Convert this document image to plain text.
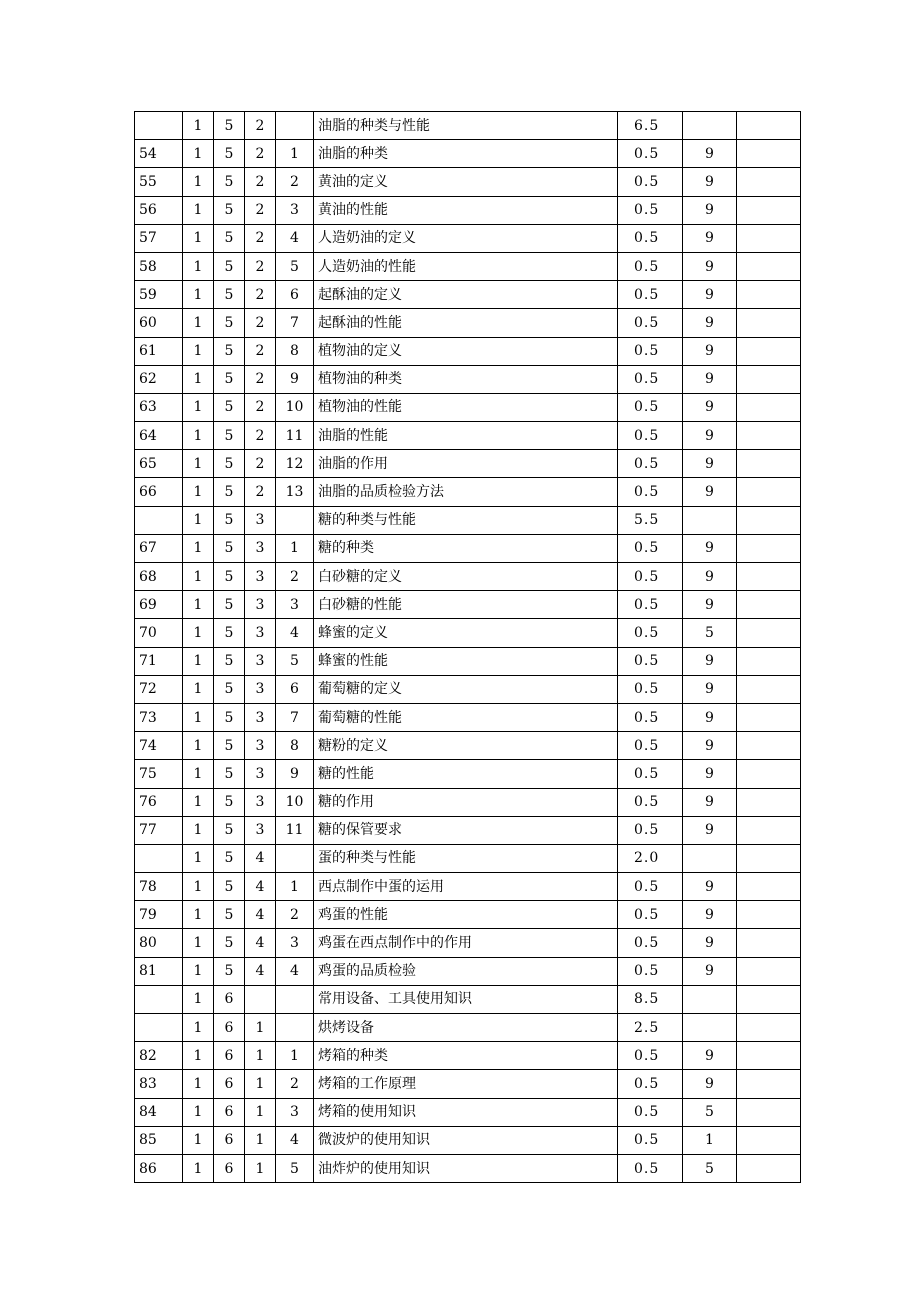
	1	5	2		油脂的种类与性能	6.5		
54	1	5	2	1	油脂的种类	0.5	9	
55	1	5	2	2	黄油的定义	0.5	9	
56	1	5	2	3	黄油的性能	0.5	9	
57	1	5	2	4	人造奶油的定义	0.5	9	
58	1	5	2	5	人造奶油的性能	0.5	9	
59	1	5	2	6	起酥油的定义	0.5	9	
60	1	5	2	7	起酥油的性能	0.5	9	
61	1	5	2	8	植物油的定义	0.5	9	
62	1	5	2	9	植物油的种类	0.5	9	
63	1	5	2	10	植物油的性能	0.5	9	
64	1	5	2	11	油脂的性能	0.5	9	
65	1	5	2	12	油脂的作用	0.5	9	
66	1	5	2	13	油脂的品质检验方法	0.5	9	
	1	5	3		糖的种类与性能	5.5		
67	1	5	3	1	糖的种类	0.5	9	
68	1	5	3	2	白砂糖的定义	0.5	9	
69	1	5	3	3	白砂糖的性能	0.5	9	
70	1	5	3	4	蜂蜜的定义	0.5	5	
71	1	5	3	5	蜂蜜的性能	0.5	9	
72	1	5	3	6	葡萄糖的定义	0.5	9	
73	1	5	3	7	葡萄糖的性能	0.5	9	
74	1	5	3	8	糖粉的定义	0.5	9	
75	1	5	3	9	糖的性能	0.5	9	
76	1	5	3	10	糖的作用	0.5	9	
77	1	5	3	11	糖的保管要求	0.5	9	
	1	5	4		蛋的种类与性能	2.0		
78	1	5	4	1	西点制作中蛋的运用	0.5	9	
79	1	5	4	2	鸡蛋的性能	0.5	9	
80	1	5	4	3	鸡蛋在西点制作中的作用	0.5	9	
81	1	5	4	4	鸡蛋的品质检验	0.5	9	
	1	6			常用设备、工具使用知识	8.5		
	1	6	1		烘烤设备	2.5		
82	1	6	1	1	烤箱的种类	0.5	9	
83	1	6	1	2	烤箱的工作原理	0.5	9	
84	1	6	1	3	烤箱的使用知识	0.5	5	
85	1	6	1	4	微波炉的使用知识	0.5	1	
86	1	6	1	5	油炸炉的使用知识	0.5	5	
